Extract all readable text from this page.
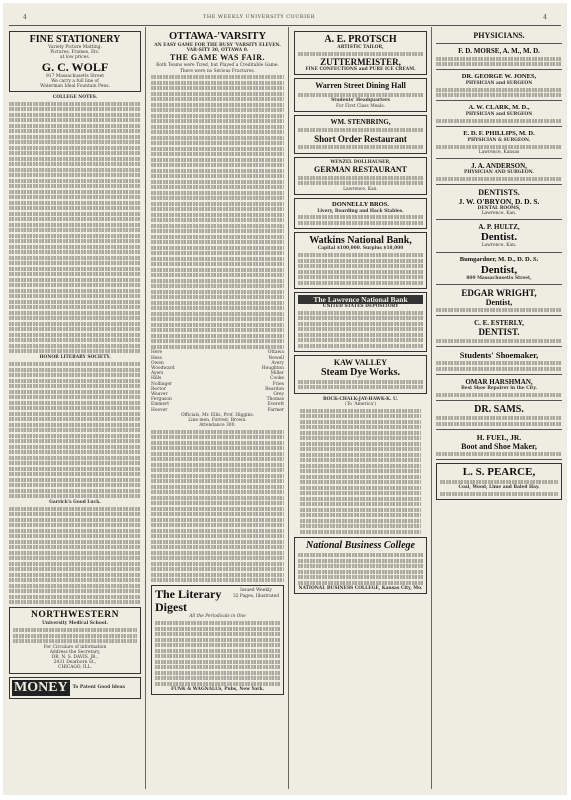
4	THE WEEKLY UNIVERSITY COURIER	4

FINE STATIONERY

Variety Picture Matting.

Pictures, Frames, Etc.

at low prices.

G. C. WOLF

917 Massachusetts Street

We carry a full line of

Waterman Ideal Fountain Pens.

COLLEGE NOTES.

HONOR LITERARY SOCIETY.

Garrick's Good Luck.

NORTHWESTERN

University Medical School.

For Circulars of information

Address the Secretary,

DR. N. S. DAVIS, JR.,

2431 Dearborn St.,

CHICAGO, ILL.

MONEY	To Patent Good Ideas

OTTAWA-'VARSITY

AN EASY GAME FOR THE BUSY 'VARSITY ELEVEN. VAR-SITY 30, OTTAWA 0.

THE GAME WAS FAIR.

Both Teams were Tired, but Played a Creditable Game. There were no Serious Fractures.

Here	Ottawa
Hess	Newell
Owen	Avery
Woodward	Houghton
Ayers	Miller
Hills	Cooke
Nollinger	Fries
Rector	Reardon
Weaver	Grey
Ferguson	Thomas
Emmert	Everett
Hoover	Farmer

Officials, Mr. Ellis, Prof. Higgins.

Line men, Forrest, Brown.

Attendance 300.

The Literary

Digest

Issued Weekly

32 Pages, Illustrated

All the Periodicals in One

FUNK & WAGNALLS, Pubs, New York.

A. E. PROTSCH

ARTISTIC TAILOR,

ZUTTERMEISTER,

FINE CONFECTIONS and PURE ICE CREAM.

Warren Street Dining Hall

Students' Headquarters

For First Class Meals.

WM. STENBRING,

Short Order Restaurant

WENZEL DOLLHAUSER,

GERMAN RESTAURANT

Lawrence, Kan.

DONNELLY BROS.

Livery, Boarding and Hack Stables.

Watkins National Bank,

Capital $100,000. Surplus $18,000

The Lawrence National Bank

UNITED STATES DEPOSITORY

KAW VALLEY

Steam Dye Works.

ROCK-CHALK-JAY-HAWK-K. U.

(To 'America')

National Business College

NATIONAL BUSINESS COLLEGE, Kansas City, Mo.

PHYSICIANS.

F. D. MORSE, A. M., M. D.

DR. GEORGE W. JONES,

PHYSICIAN and SURGEON

A. W. CLARK, M. D.,

PHYSICIAN and SURGEON

E. D. F. PHILLIPS, M. D.

PHYSICIAN & SURGEON.

Lawrence, Kansas

J. A. ANDERSON,

PHYSICIAN AND SURGEON.

DENTISTS.

J. W. O'BRYON, D. D. S.

DENTAL ROOMS,

Lawrence, Kan.

A. P. HULTZ,

Dentist.

Lawrence, Kan.

Bumgardner, M. D., D. D. S.

Dentist,

809 Massachusetts Street,

EDGAR WRIGHT,

Dentist,

C. E. ESTERLY,

DENTIST.

Students' Shoemaker,

OMAR HARSHMAN,

Best Shoe Repairer in the City.

DR. SAMS.

H. FUEL, JR.

Boot and Shoe Maker,

L. S. PEARCE,

Coal, Wood, Lime and Baled Hay.
